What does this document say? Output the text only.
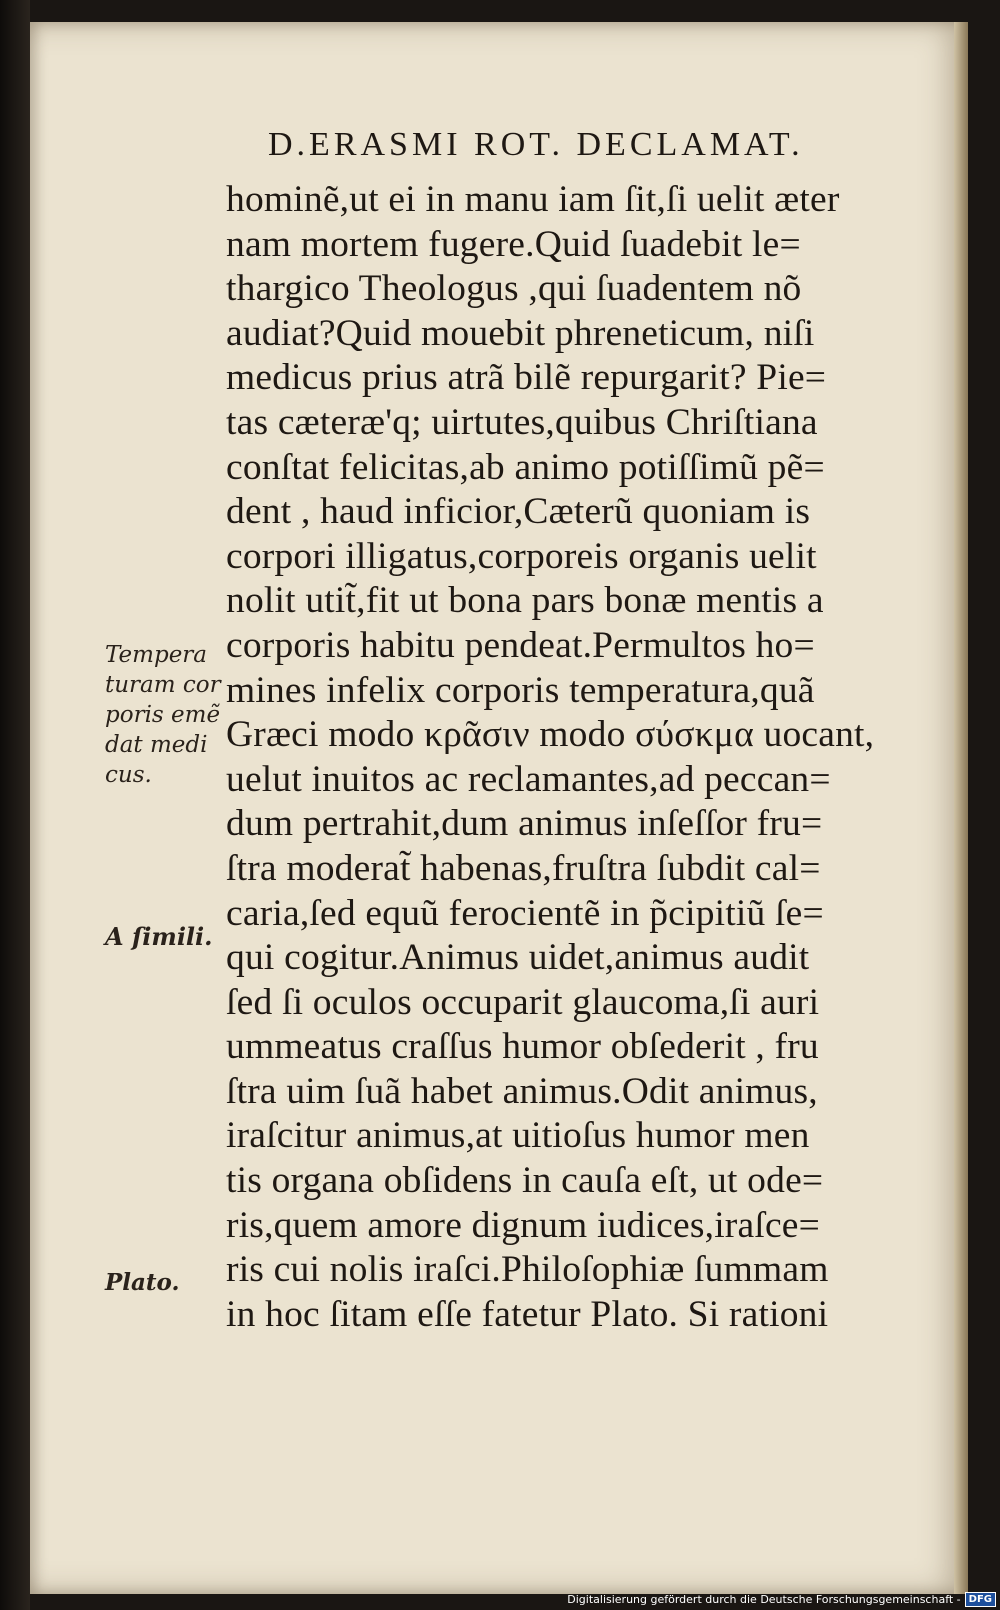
D.ERASMI ROT. DECLAMAT.
hominẽ,ut ei in manu iam ſit,ſi uelit æter
nam mortem fugere.Quid ſuadebit le=
thargico Theologus ,qui ſuadentem nõ
audiat?Quid mouebit phreneticum, niſi
medicus prius atrã bilẽ repurgarit? Pie=
tas cæteræ'q; uirtutes,quibus Chriſtiana
conſtat felicitas,ab animo potiſſimũ pẽ=
dent , haud inficior,Cæterũ quoniam is
corpori illigatus,corporeis organis uelit
nolit utit̃,fit ut bona pars bonæ mentis a
corporis habitu pendeat.Permultos ho=
mines infelix corporis temperatura,quã
Græci modo κρᾶσιν modo σύσκμα uocant,
uelut inuitos ac reclamantes,ad peccan=
dum pertrahit,dum animus inſeſſor fru=
ſtra moderat̃ habenas,fruſtra ſubdit cal=
caria,ſed equũ ferocientẽ in p̃cipitiũ ſe=
qui cogitur.Animus uidet,animus audit
ſed ſi oculos occuparit glaucoma,ſi auri
ummeatus craſſus humor obſederit , fru
ſtra uim ſuã habet animus.Odit animus,
iraſcitur animus,at uitioſus humor men
tis organa obſidens in cauſa eſt, ut ode=
ris,quem amore dignum iudices,iraſce=
ris cui nolis iraſci.Philoſophiæ ſummam
in hoc ſitam eſſe fatetur Plato. Si rationi
Tempera
turam cor
poris emẽ
dat medi
cus.
A ſimili.
Plato.
Digitalisierung gefördert durch die Deutsche Forschungsgemeinschaft - DFG
